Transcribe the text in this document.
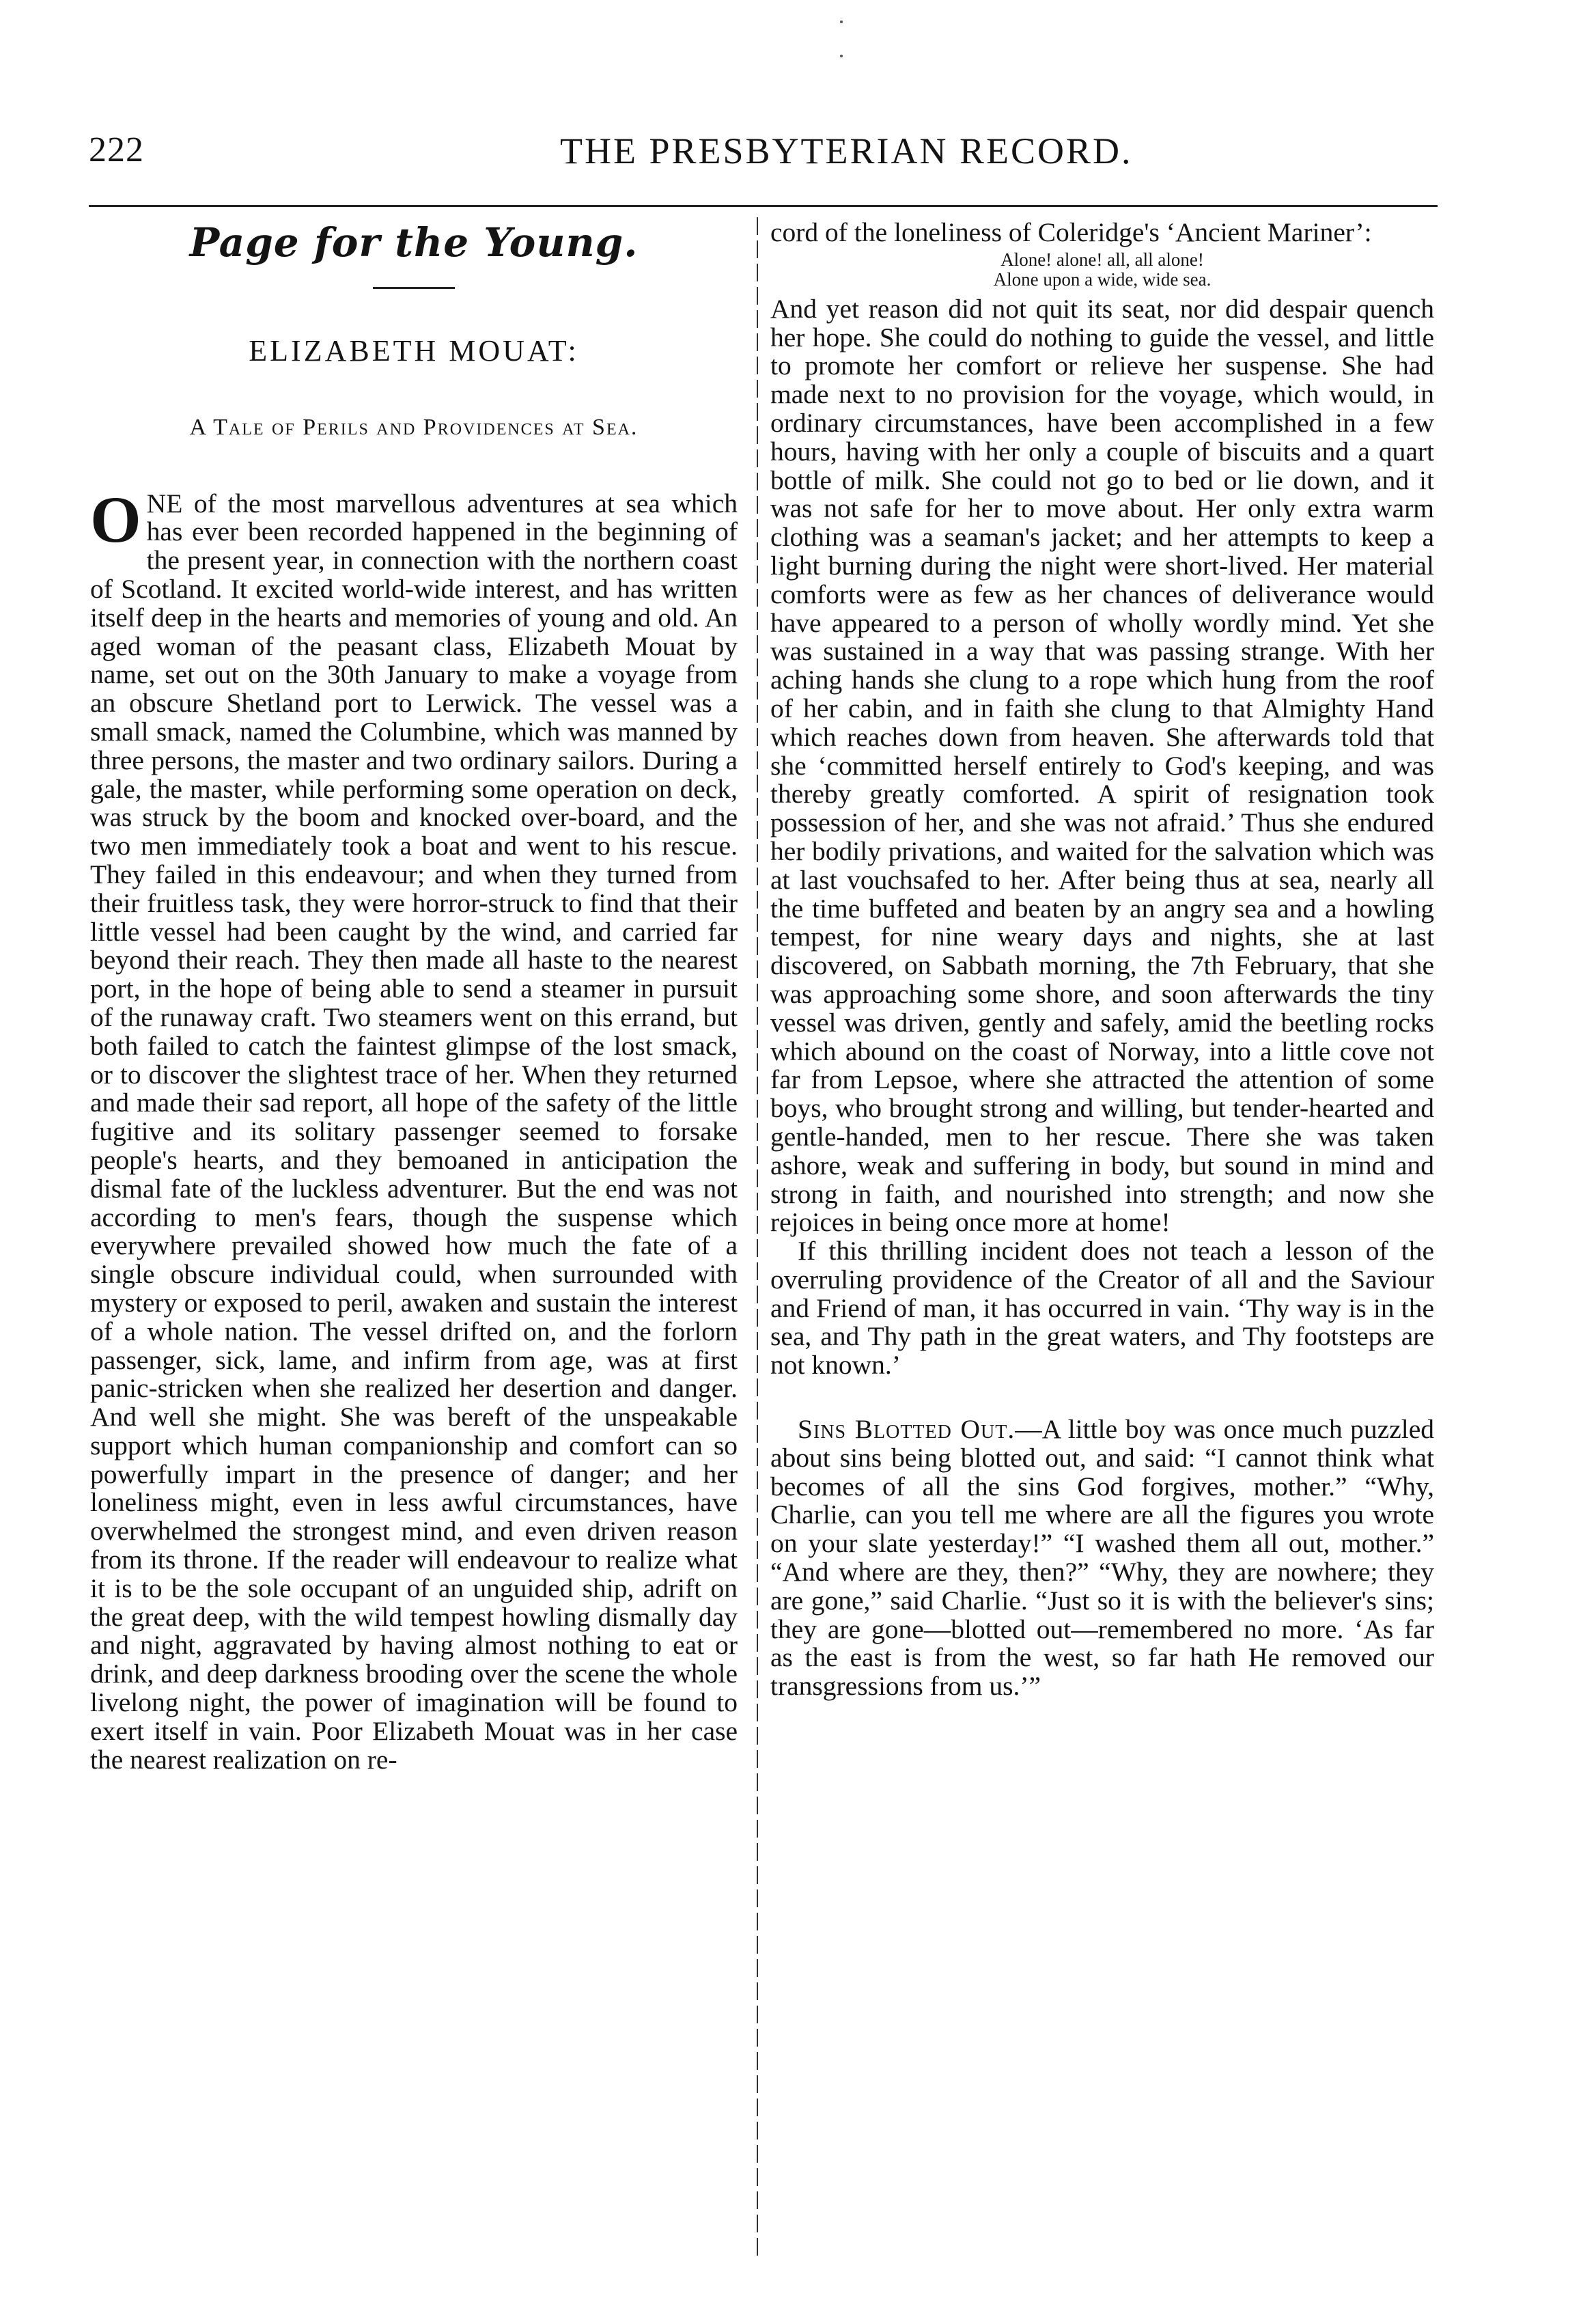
222	THE PRESBYTERIAN RECORD.
Page for the Young.
ELIZABETH MOUAT:
A Tale of Perils and Providences at Sea.

ONE of the most marvellous adventures at sea which has ever been recorded happened in the beginning of the present year, in connection with the northern coast of Scotland. It excited world-wide interest, and has written itself deep in the hearts and memories of young and old. An aged woman of the peasant class, Elizabeth Mouat by name, set out on the 30th January to make a voyage from an obscure Shetland port to Lerwick. The vessel was a small smack, named the Columbine, which was manned by three persons, the master and two ordinary sailors. During a gale, the master, while performing some operation on deck, was struck by the boom and knocked over-board, and the two men immediately took a boat and went to his rescue. They failed in this endeavour; and when they turned from their fruitless task, they were horror-struck to find that their little vessel had been caught by the wind, and carried far beyond their reach. They then made all haste to the nearest port, in the hope of being able to send a steamer in pursuit of the runaway craft. Two steamers went on this errand, but both failed to catch the faintest glimpse of the lost smack, or to discover the slightest trace of her. When they returned and made their sad report, all hope of the safety of the little fugitive and its solitary passenger seemed to forsake people's hearts, and they bemoaned in anticipation the dismal fate of the luckless adventurer. But the end was not according to men's fears, though the suspense which everywhere prevailed showed how much the fate of a single obscure individual could, when surrounded with mystery or exposed to peril, awaken and sustain the interest of a whole nation. The vessel drifted on, and the forlorn passenger, sick, lame, and infirm from age, was at first panic-stricken when she realized her desertion and danger. And well she might. She was bereft of the unspeakable support which human companionship and comfort can so powerfully impart in the presence of danger; and her loneliness might, even in less awful circumstances, have overwhelmed the strongest mind, and even driven reason from its throne. If the reader will endeavour to realize what it is to be the sole occupant of an unguided ship, adrift on the great deep, with the wild tempest howling dismally day and night, aggravated by having almost nothing to eat or drink, and deep darkness brooding over the scene the whole livelong night, the power of imagination will be found to exert itself in vain. Poor Elizabeth Mouat was in her case the nearest realization on re-

cord of the loneliness of Coleridge's ‘Ancient Mariner’:

Alone! alone! all, all alone!
Alone upon a wide, wide sea.

And yet reason did not quit its seat, nor did despair quench her hope. She could do nothing to guide the vessel, and little to promote her comfort or relieve her suspense. She had made next to no provision for the voyage, which would, in ordinary circumstances, have been accomplished in a few hours, having with her only a couple of biscuits and a quart bottle of milk. She could not go to bed or lie down, and it was not safe for her to move about. Her only extra warm clothing was a seaman's jacket; and her attempts to keep a light burning during the night were short-lived. Her material comforts were as few as her chances of deliverance would have appeared to a person of wholly wordly mind. Yet she was sustained in a way that was passing strange. With her aching hands she clung to a rope which hung from the roof of her cabin, and in faith she clung to that Almighty Hand which reaches down from heaven. She afterwards told that she ‘committed herself entirely to God's keeping, and was thereby greatly comforted. A spirit of resignation took possession of her, and she was not afraid.’ Thus she endured her bodily privations, and waited for the salvation which was at last vouchsafed to her. After being thus at sea, nearly all the time buffeted and beaten by an angry sea and a howling tempest, for nine weary days and nights, she at last discovered, on Sabbath morning, the 7th February, that she was approaching some shore, and soon afterwards the tiny vessel was driven, gently and safely, amid the beetling rocks which abound on the coast of Norway, into a little cove not far from Lepsoe, where she attracted the attention of some boys, who brought strong and willing, but tender-hearted and gentle-handed, men to her rescue. There she was taken ashore, weak and suffering in body, but sound in mind and strong in faith, and nourished into strength; and now she rejoices in being once more at home!

If this thrilling incident does not teach a lesson of the overruling providence of the Creator of all and the Saviour and Friend of man, it has occurred in vain. ‘Thy way is in the sea, and Thy path in the great waters, and Thy footsteps are not known.’

Sins Blotted Out.—A little boy was once much puzzled about sins being blotted out, and said: “I cannot think what becomes of all the sins God forgives, mother.” “Why, Charlie, can you tell me where are all the figures you wrote on your slate yesterday!” “I washed them all out, mother.” “And where are they, then?” “Why, they are nowhere; they are gone,” said Charlie. “Just so it is with the believer's sins; they are gone—blotted out—remembered no more. ‘As far as the east is from the west, so far hath He removed our transgressions from us.’”
